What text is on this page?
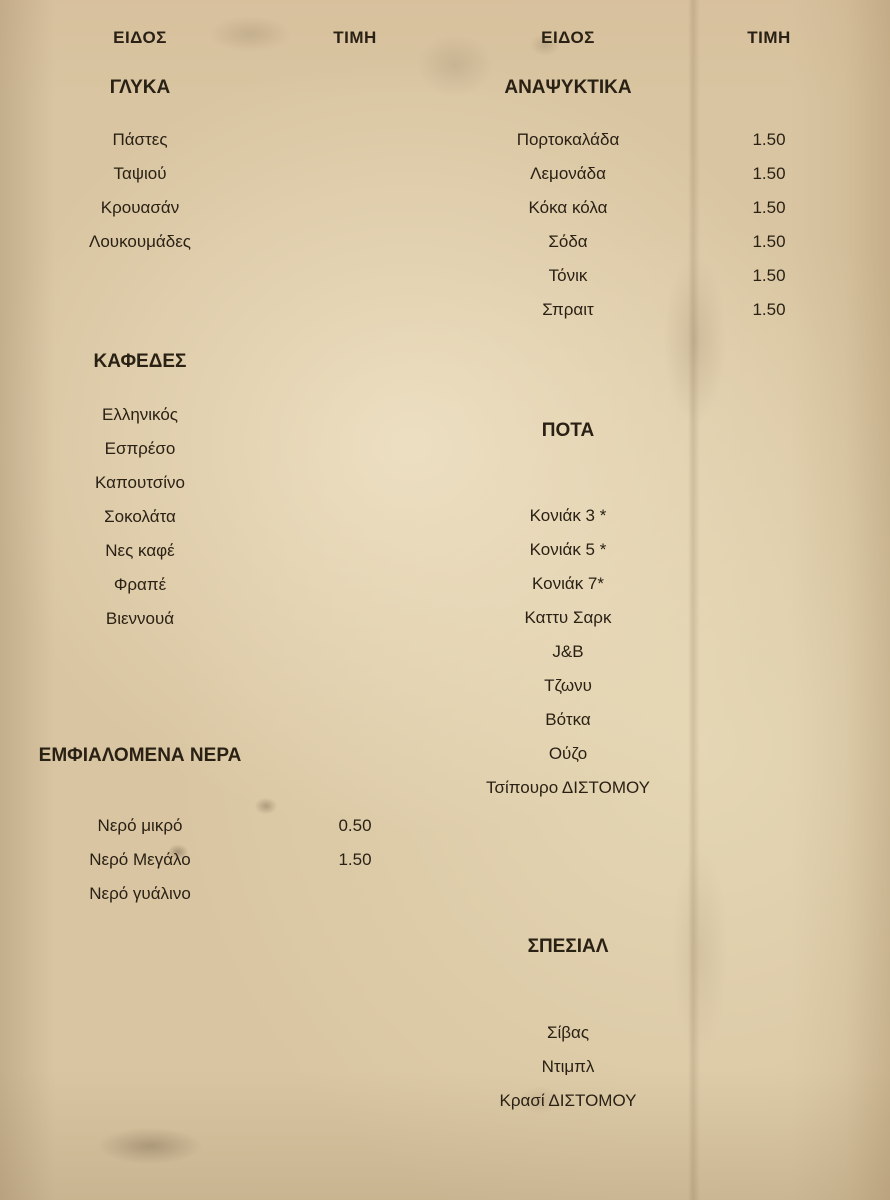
ΕΙΔΟΣ	ΤΙΜΗ
ΓΛΥΚΑ
Πάστες
Ταψιού
Κρουασάν
Λουκουμάδες
ΚΑΦΕΔΕΣ
Ελληνικός
Εσπρέσο
Καπουτσίνο
Σοκολάτα
Νες καφέ
Φραπέ
Βιεννουά
ΕΜΦΙΑΛΟΜΕΝΑ ΝΕΡΑ
Νερό μικρό	0.50
Νερό Μεγάλο	1.50
Νερό γυάλινο
ΕΙΔΟΣ	ΤΙΜΗ
ΑΝΑΨΥΚΤΙΚΑ
Πορτοκαλάδα	1.50
Λεμονάδα	1.50
Κόκα κόλα	1.50
Σόδα	1.50
Τόνικ	1.50
Σπραιτ	1.50
ΠΟΤΑ
Κονιάκ 3 *
Κονιάκ 5 *
Κονιάκ 7*
Καττυ Σαρκ
J&B
Τζωνυ
Βότκα
Ούζο
Τσίπουρο ΔΙΣΤΟΜΟΥ
ΣΠΕΣΙΑΛ
Σίβας
Ντιμπλ
Κρασί ΔΙΣΤΟΜΟΥ
